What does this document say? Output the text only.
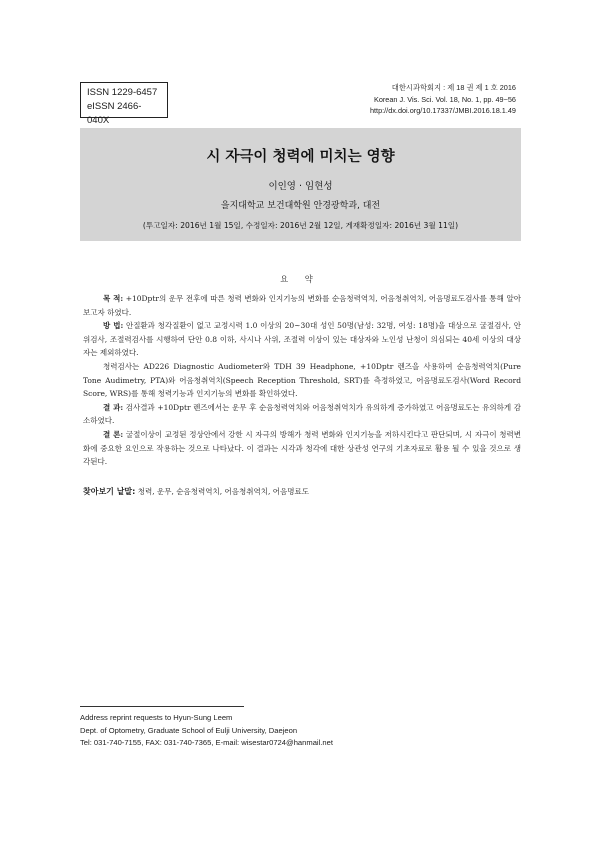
ISSN 1229-6457
eISSN 2466-040X
대한시과학회지 : 제 18 권 제 1 호 2016
Korean J. Vis. Sci. Vol. 18, No. 1, pp. 49~56
http://dx.doi.org/10.17337/JMBI.2016.18.1.49
시 자극이 청력에 미치는 영향
이인영 · 임현성
을지대학교 보건대학원 안경광학과, 대전
(투고일자: 2016년 1월 15일, 수정일자: 2016년 2월 12일, 게재확정일자: 2016년 3월 11일)
요 약

목 적: +10Dptr의 운무 전후에 따른 청력 변화와 인지기능의 변화를 순음청력역치, 어음청취역치, 어음명료도검사를 통해 알아보고자 하였다.

방 법: 안질환과 청각질환이 없고 교정시력 1.0 이상의 20~30대 성인 50명(남성: 32명, 여성: 18명)을 대상으로 굴절검사, 안위검사, 조절력검사를 시행하여 단안 0.8 이하, 사시나 사위, 조절력 이상이 있는 대상자와 노인성 난청이 의심되는 40세 이상의 대상자는 제외하였다.

청력검사는 AD226 Diagnostic Audiometer와 TDH 39 Headphone, +10Dptr 렌즈을 사용하여 순음청력역치(Pure Tone Audimetry, PTA)와 어음청취역치(Speech Reception Threshold, SRT)를 측정하였고, 어음명료도검사(Word Record Score, WRS)를 통해 청력기능과 인지기능의 변화를 확인하였다.

결 과: 검사결과 +10Dptr 렌즈에서는 운무 후 순음청력역치와 어음청취역치가 유의하게 증가하였고 어음명료도는 유의하게 감소하였다.

결 론: 굴절이상이 교정된 정상안에서 강한 시 자극의 방해가 청력 변화와 인지기능을 저하시킨다고 판단되며, 시 자극이 청력변화에 중요한 요인으로 작용하는 것으로 나타났다. 이 결과는 시각과 청각에 대한 상관성 연구의 기초자료로 활용 될 수 있을 것으로 생각된다.

찾아보기 낱말: 청력, 운무, 순음청력역치, 어음청취역치, 어음명료도
Address reprint requests to Hyun-Sung Leem
Dept. of Optometry, Graduate School of Eulji University, Daejeon
Tel: 031-740-7155, FAX: 031-740-7365, E-mail: wisestar0724@hanmail.net
